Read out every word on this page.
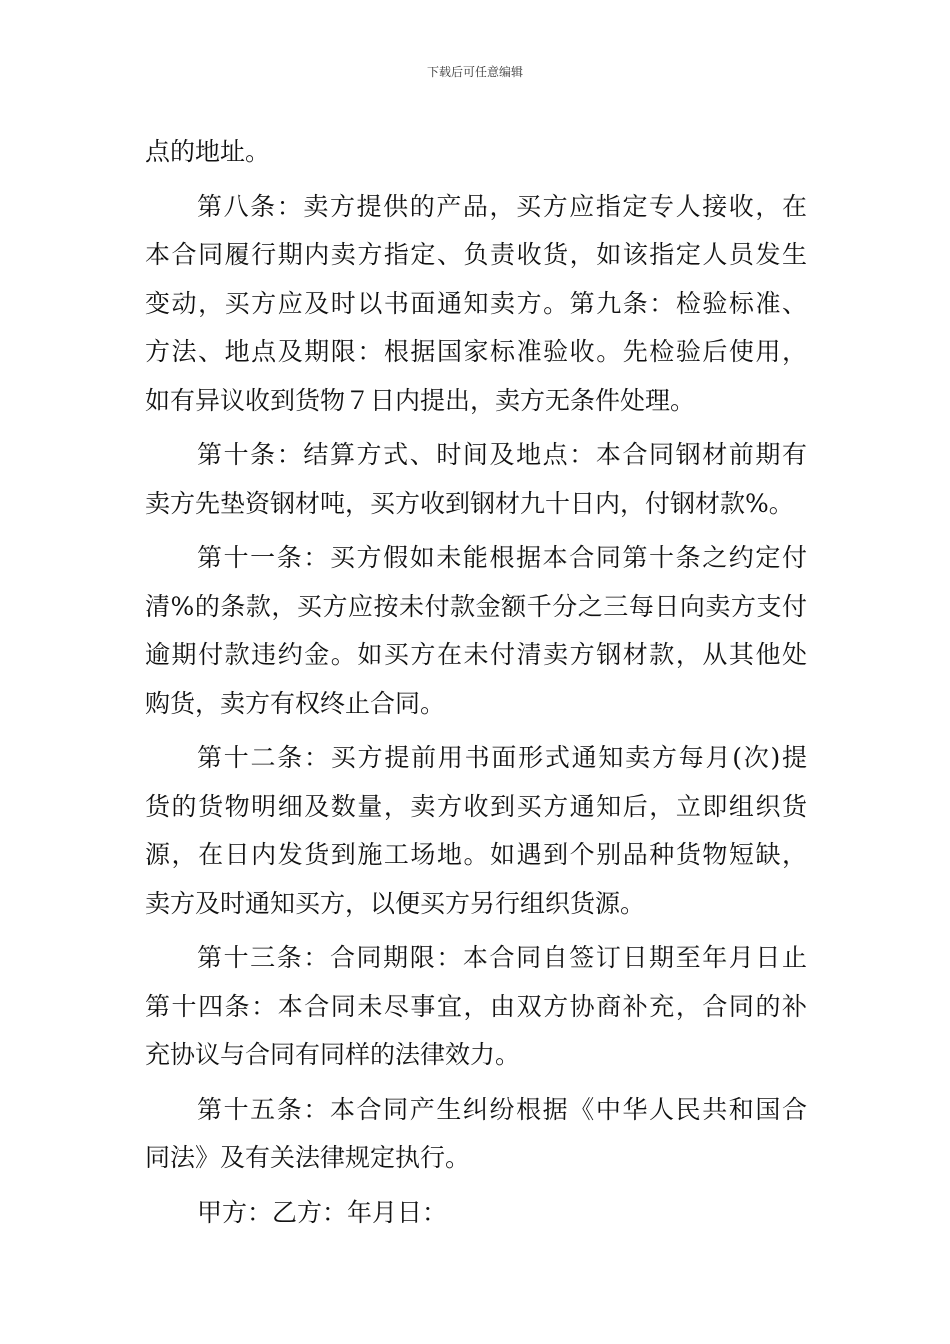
下载后可任意编辑
点的地址。
第八条：卖方提供的产品，买方应指定专人接收，在
本合同履行期内卖方指定、负责收货，如该指定人员发生
变动，买方应及时以书面通知卖方。第九条：检验标准、
方法、地点及期限：根据国家标准验收。先检验后使用，
如有异议收到货物７日内提出，卖方无条件处理。
第十条：结算方式、时间及地点：本合同钢材前期有
卖方先垫资钢材吨，买方收到钢材九十日内，付钢材款%。
第十一条：买方假如未能根据本合同第十条之约定付
清%的条款，买方应按未付款金额千分之三每日向卖方支付
逾期付款违约金。如买方在未付清卖方钢材款，从其他处
购货，卖方有权终止合同。
第十二条：买方提前用书面形式通知卖方每月(次)提
货的货物明细及数量，卖方收到买方通知后，立即组织货
源，在日内发货到施工场地。如遇到个别品种货物短缺，
卖方及时通知买方，以便买方另行组织货源。
第十三条：合同期限：本合同自签订日期至年月日止
第十四条：本合同未尽事宜，由双方协商补充，合同的补
充协议与合同有同样的法律效力。
第十五条：本合同产生纠纷根据《中华人民共和国合
同法》及有关法律规定执行。
甲方：乙方：年月日：
